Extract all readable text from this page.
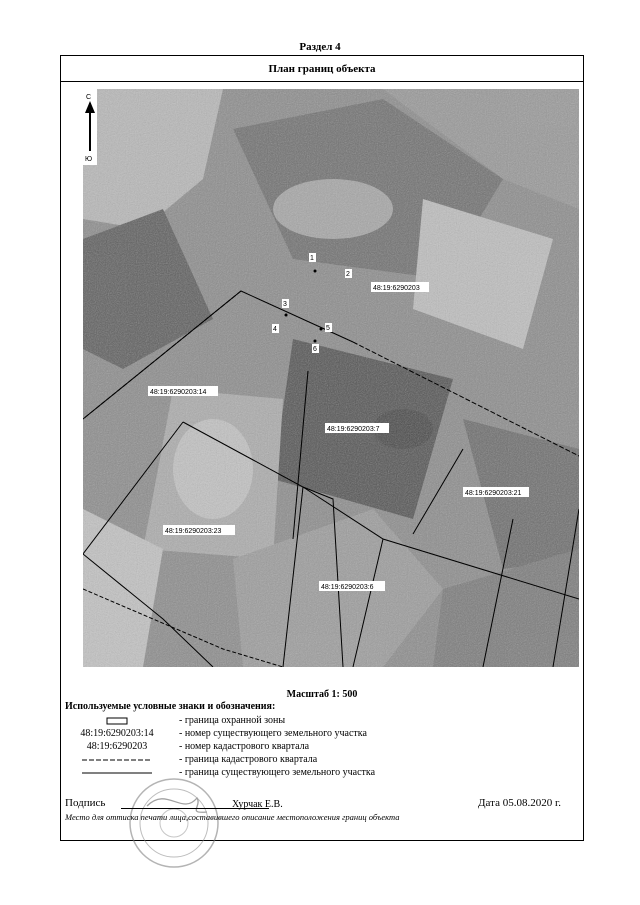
Раздел 4
План границ объекта
С
Ю
48:19:6290203
48:19:6290203:14
48:19:6290203:7
48:19:6290203:21
48:19:6290203:23
48:19:6290203:6
1
2
3
4	5
6
Масштаб 1: 500
Используемые условные знаки и обозначения:
- граница охранной зоны
48:19:6290203:14	- номер существующего земельного участка
48:19:6290203	- номер кадастрового квартала
- граница кадастрового квартала
- граница существующего земельного участка
Подпись	Хурчак Е.В.	Дата 05.08.2020 г.
Место для оттиска печати лица,составившего описание местоположения границ объекта
